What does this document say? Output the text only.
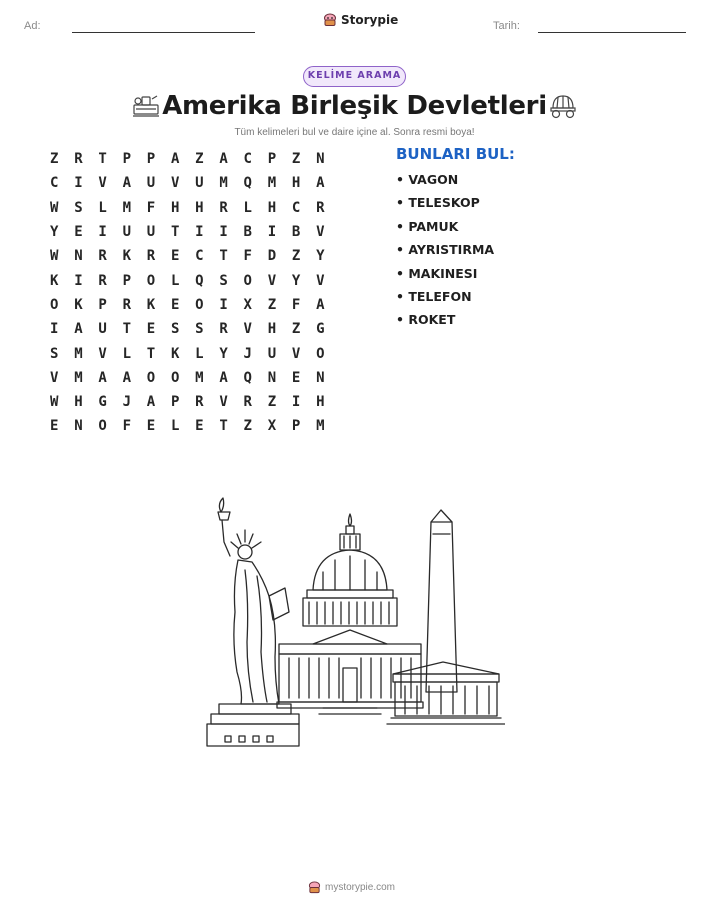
Ad:	Tarih:
Storypie
KELİME ARAMA
Amerika Birleşik Devletleri
Tüm kelimeleri bul ve daire içine al. Sonra resmi boya!
Z	R	T	P	P	A	Z	A	C	P	Z	N
C	I	V	A	U	V	U	M	Q	M	H	A
W	S	L	M	F	H	H	R	L	H	C	R
Y	E	I	U	U	T	I	I	B	I	B	V
W	N	R	K	R	E	C	T	F	D	Z	Y
K	I	R	P	O	L	Q	S	O	V	Y	V
O	K	P	R	K	E	O	I	X	Z	F	A
I	A	U	T	E	S	S	R	V	H	Z	G
S	M	V	L	T	K	L	Y	J	U	V	O
V	M	A	A	O	O	M	A	Q	N	E	N
W	H	G	J	A	P	R	V	R	Z	I	H
E	N	O	F	E	L	E	T	Z	X	P	M
BUNLARI BUL:
• VAGON
• TELESKOP
• PAMUK
• AYRISTIRMA
• MAKINESI
• TELEFON
• ROKET
mystorypie.com
